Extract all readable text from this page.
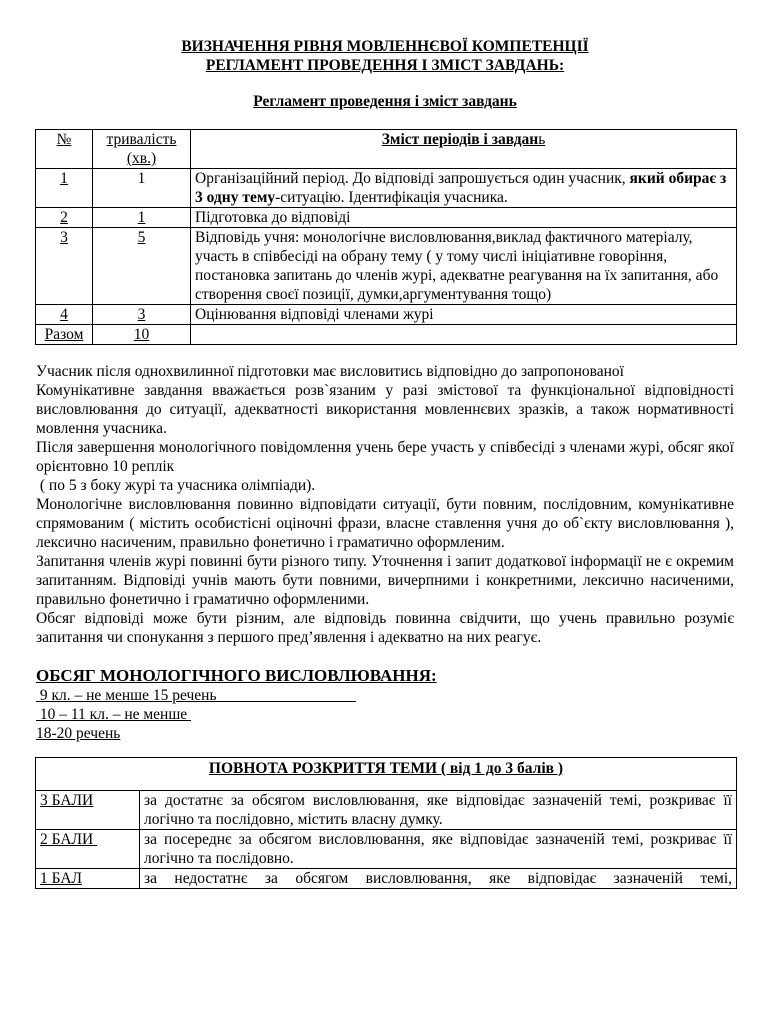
ВИЗНАЧЕННЯ РІВНЯ МОВЛЕННЄВОЇ КОМПЕТЕНЦІЇ
РЕГЛАМЕНТ ПРОВЕДЕННЯ І ЗМІСТ ЗАВДАНЬ:
Регламент проведення і зміст завдань
№	тривалість (хв.)	Зміст періодів і завдань
1	1	Організаційний період. До відповіді запрошується один учасник, який обирає з 3 одну тему-ситуацію. Ідентифікація учасника.
2	1	Підготовка до відповіді
3	5	Відповідь учня: монологічне висловлювання,виклад фактичного матеріалу, участь в співбесіді на обрану тему ( у тому числі ініціативне говоріння, постановка запитань до членів журі, адекватне реагування на їх запитання, або створення своєї позиції, думки,аргументування тощо)
4	3	Оцінювання відповіді членами журі
Разом	10	

Учасник після однохвилинної підготовки має висловитись відповідно до запропонованої

Комунікативне завдання вважається розв`язаним у разі змістової та функціональної відповідності висловлювання до ситуації, адекватності використання мовленнєвих зразків, а також нормативності мовлення учасника.

Після завершення монологічного повідомлення учень бере участь у співбесіді з членами журі, обсяг якої орієнтовно 10 реплік

( по 5 з боку журі та учасника олімпіади).

Монологічне висловлювання повинно відповідати ситуації, бути повним, послідовним, комунікативне спрямованим ( містить особистісні оціночні фрази, власне ставлення учня до об`єкту висловлювання ), лексично насиченим, правильно фонетично і граматично оформленим.

Запитання членів журі повинні бути різного типу. Уточнення і запит додаткової інформації не є окремим запитанням. Відповіді учнів мають бути повними, вичерпними і конкретними, лексично насиченими, правильно фонетично і граматично оформленими.

Обсяг відповіді може бути різним, але відповідь повинна свідчити, що учень правильно розуміє запитання чи спонукання з першого пред’явлення і адекватно на них реагує.

ОБСЯГ МОНОЛОГІЧНОГО ВИСЛОВЛЮВАННЯ:
9 кл. – не менше 15 речень
10 – 11 кл. – не менше
18-20 речень
ПОВНОТА РОЗКРИТТЯ ТЕМИ ( від 1 до 3 балів )	
3 БАЛИ	за достатнє за обсягом висловлювання, яке відповідає зазначеній темі, розкриває її логічно та послідовно, містить власну думку.
2 БАЛИ	за посереднє за обсягом висловлювання, яке відповідає зазначеній темі, розкриває її логічно та послідовно.
1 БАЛ	за недостатнє за обсягом висловлювання, яке відповідає зазначеній темі,
